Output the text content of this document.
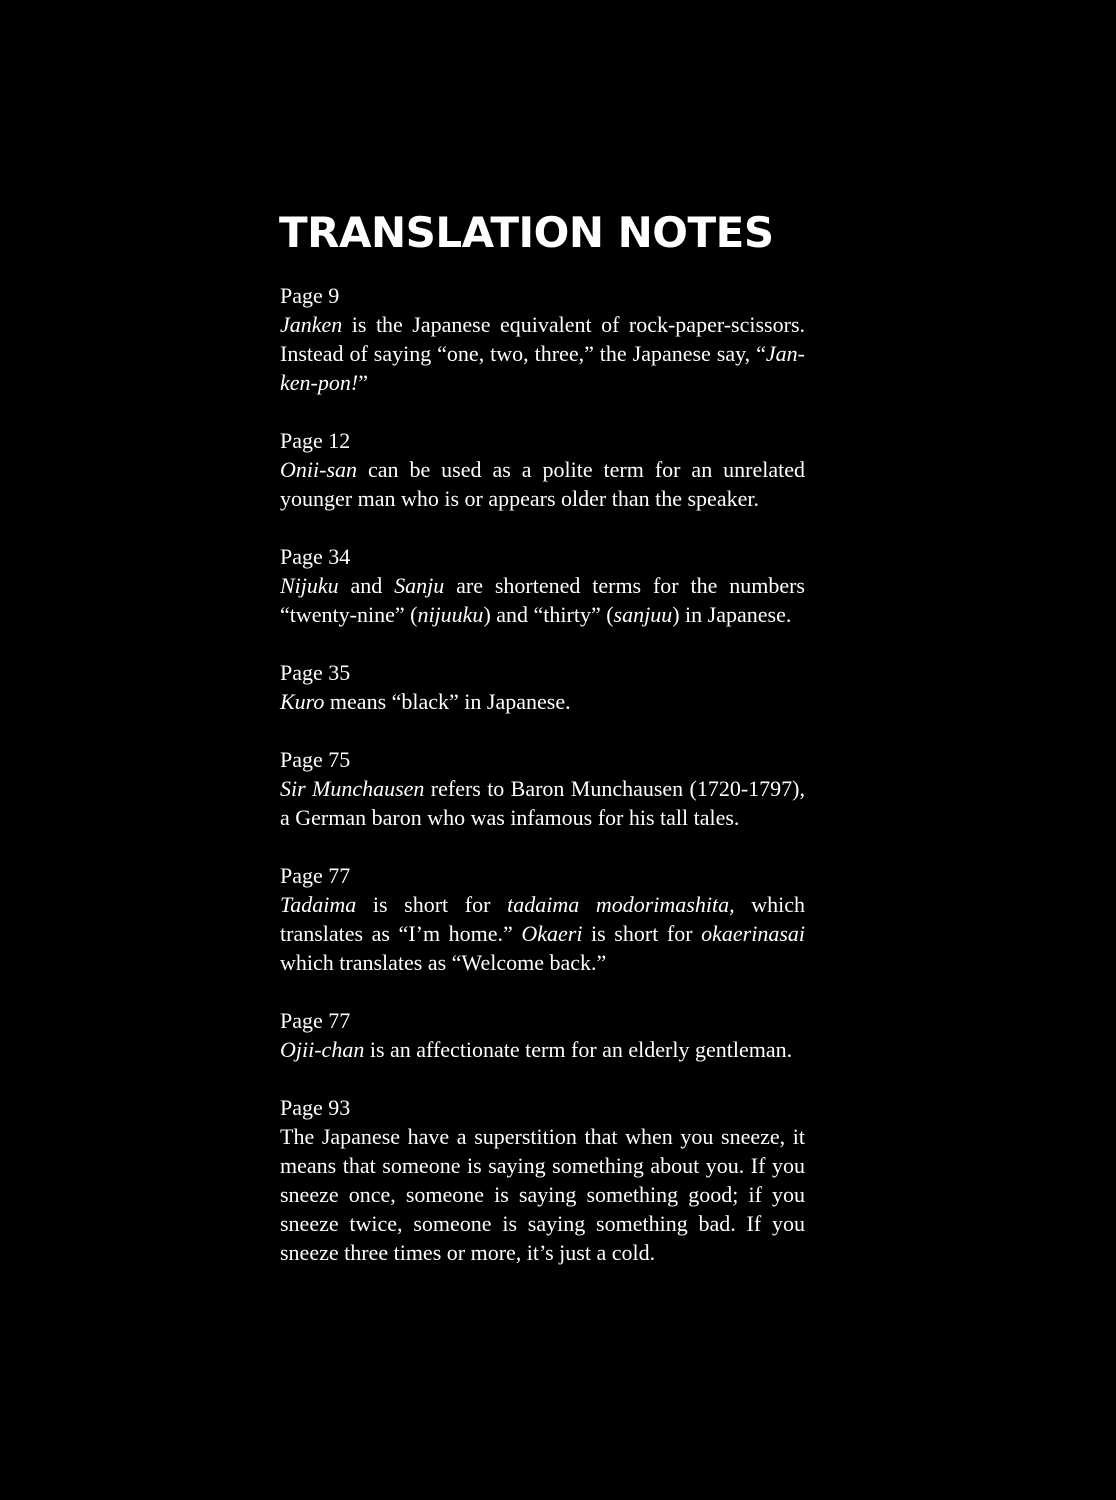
TRANSLATION NOTES

Page 9
Janken is the Japanese equivalent of rock-paper-scissors. Instead of saying “one, two, three,” the Japanese say, “Jan-ken-pon!”

Page 12
Onii-san can be used as a polite term for an unrelated younger man who is or appears older than the speaker.

Page 34
Nijuku and Sanju are shortened terms for the numbers “twenty-nine” (nijuuku) and “thirty” (sanjuu) in Japanese.

Page 35
Kuro means “black” in Japanese.

Page 75
Sir Munchausen refers to Baron Munchausen (1720-1797), a German baron who was infamous for his tall tales.

Page 77
Tadaima is short for tadaima modorimashita, which translates as “I’m home.” Okaeri is short for okaerinasai which translates as “Welcome back.”

Page 77
Ojii-chan is an affectionate term for an elderly gentleman.

Page 93
The Japanese have a superstition that when you sneeze, it means that someone is saying something about you. If you sneeze once, someone is saying something good; if you sneeze twice, someone is saying something bad. If you sneeze three times or more, it’s just a cold.
